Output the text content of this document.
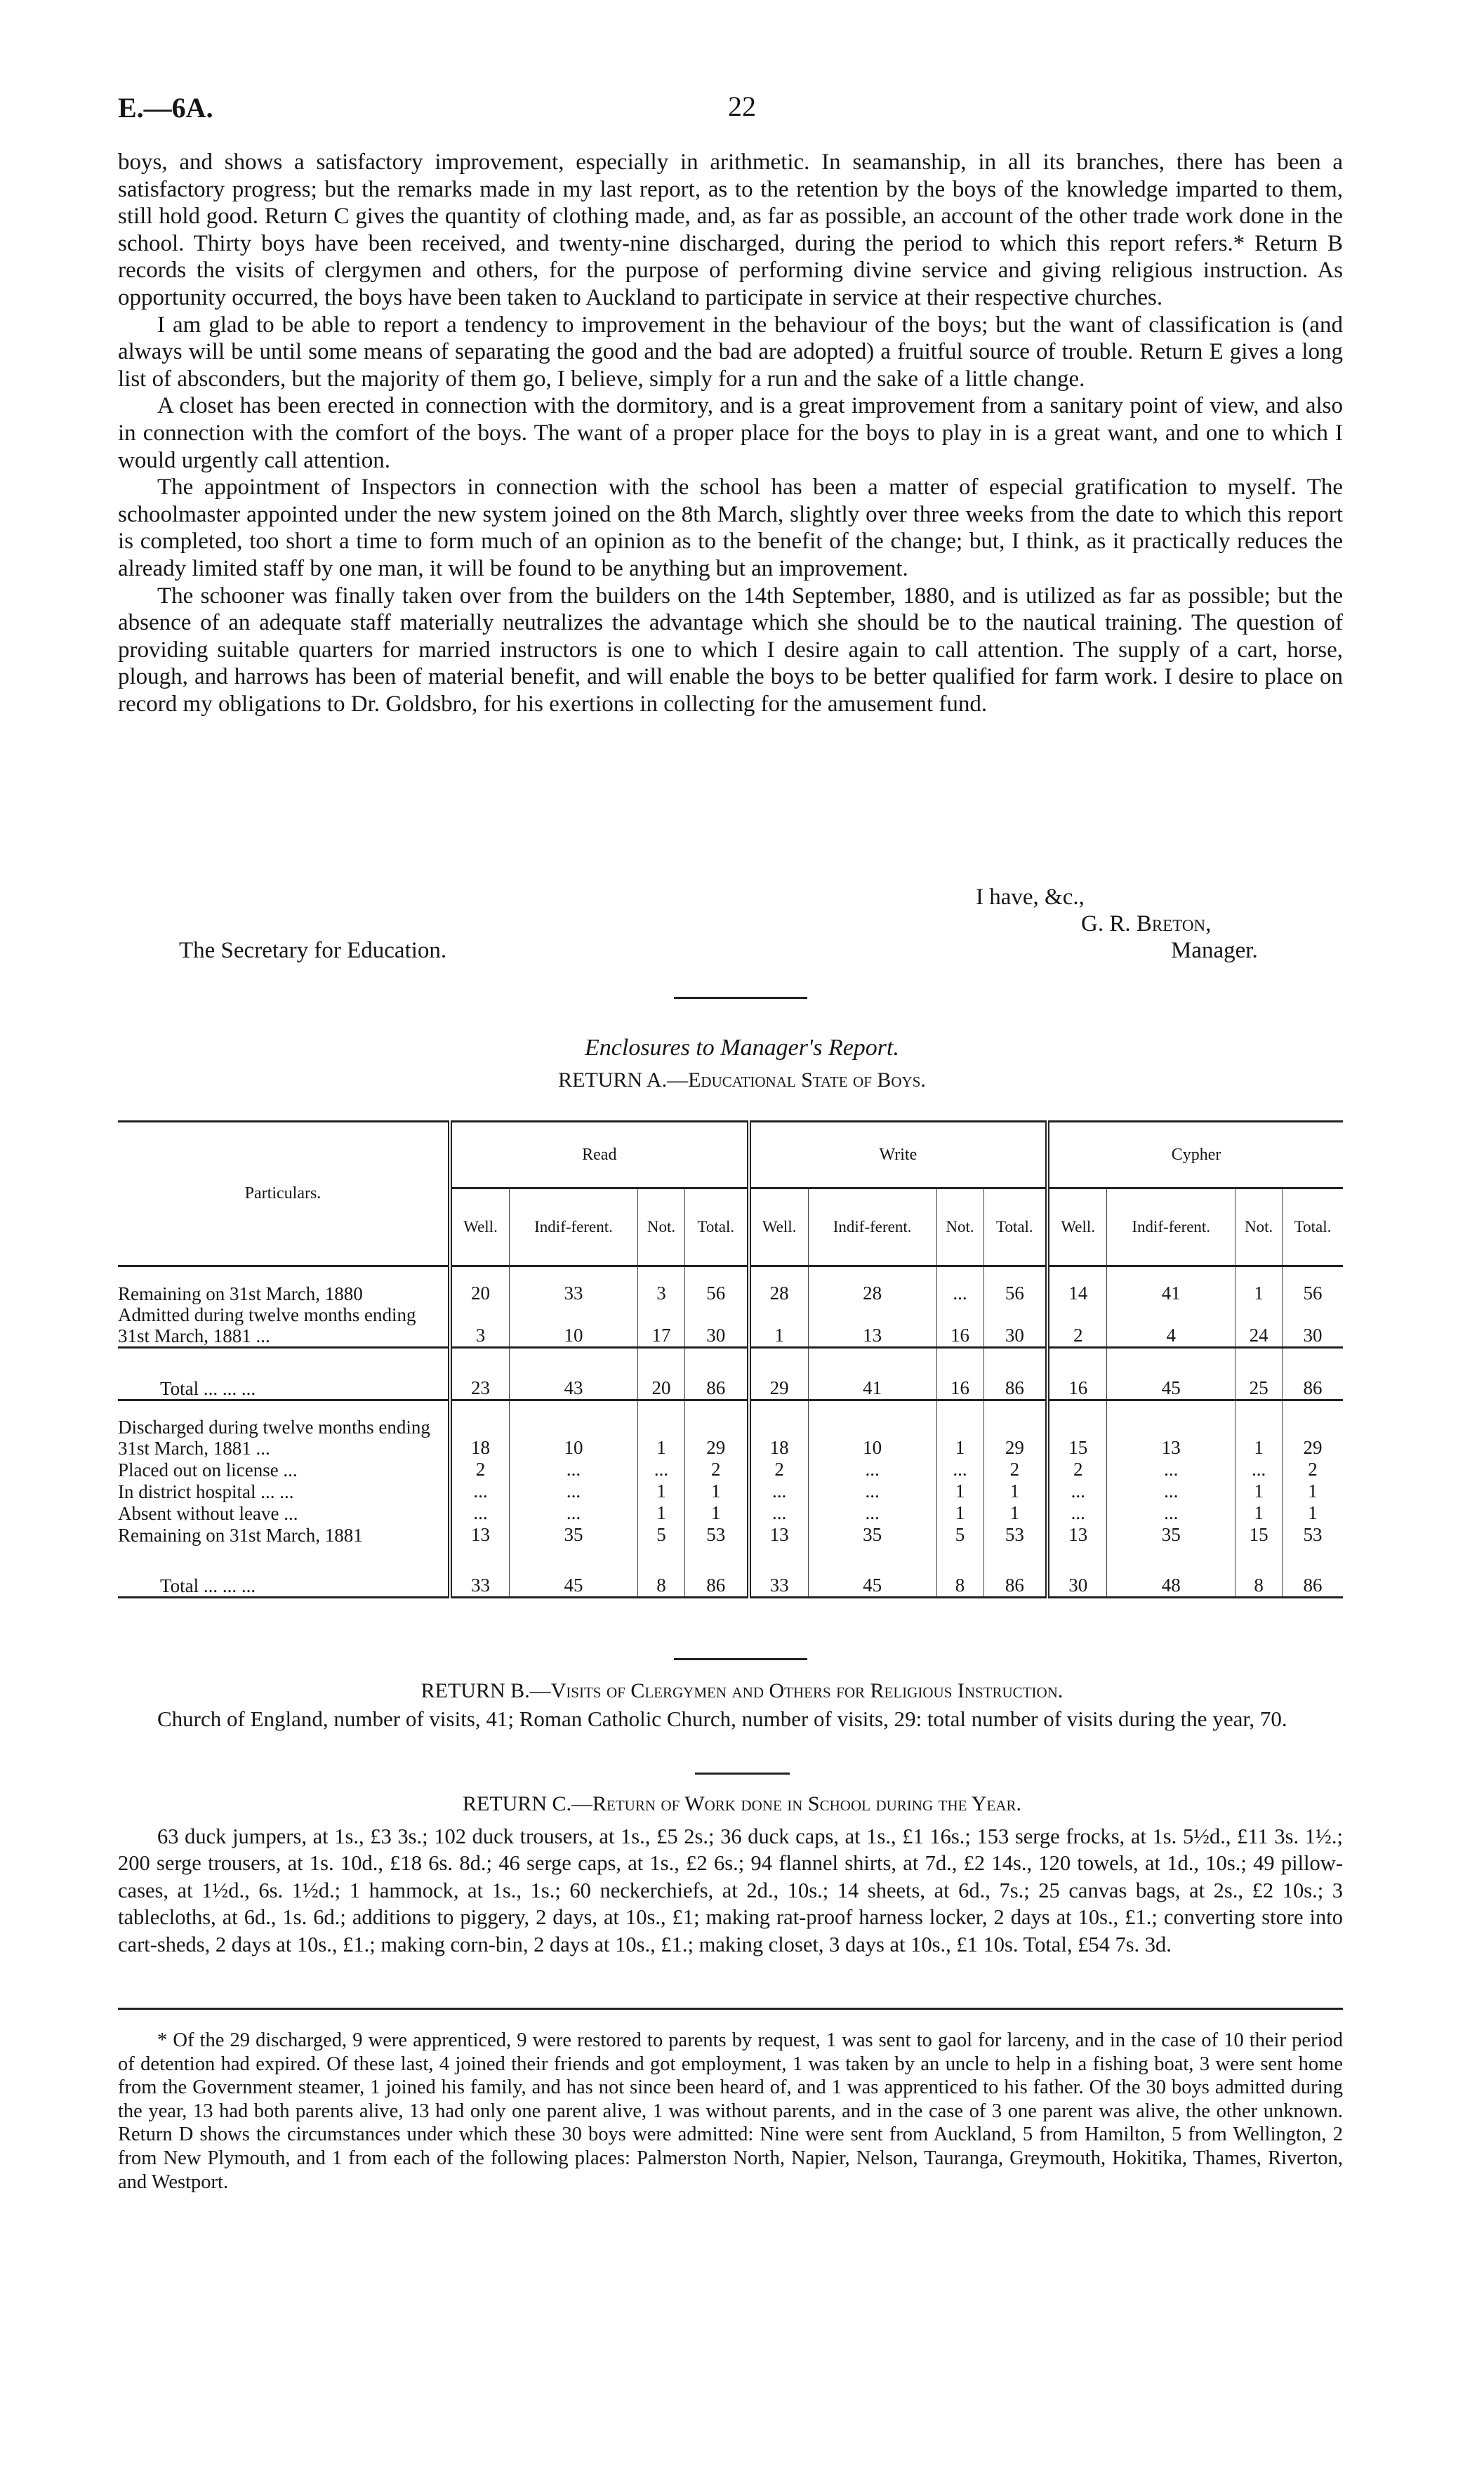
E.—6A.	22

boys, and shows a satisfactory improvement, especially in arithmetic. In seamanship, in all its branches, there has been a satisfactory progress; but the remarks made in my last report, as to the retention by the boys of the knowledge imparted to them, still hold good. Return C gives the quantity of clothing made, and, as far as possible, an account of the other trade work done in the school. Thirty boys have been received, and twenty-nine discharged, during the period to which this report refers.* Return B records the visits of clergymen and others, for the purpose of performing divine service and giving religious instruction. As opportunity occurred, the boys have been taken to Auckland to participate in service at their respective churches.

I am glad to be able to report a tendency to improvement in the behaviour of the boys; but the want of classification is (and always will be until some means of separating the good and the bad are adopted) a fruitful source of trouble. Return E gives a long list of absconders, but the majority of them go, I believe, simply for a run and the sake of a little change.

A closet has been erected in connection with the dormitory, and is a great improvement from a sanitary point of view, and also in connection with the comfort of the boys. The want of a proper place for the boys to play in is a great want, and one to which I would urgently call attention.

The appointment of Inspectors in connection with the school has been a matter of especial gratification to myself. The schoolmaster appointed under the new system joined on the 8th March, slightly over three weeks from the date to which this report is completed, too short a time to form much of an opinion as to the benefit of the change; but, I think, as it practically reduces the already limited staff by one man, it will be found to be anything but an improvement.

The schooner was finally taken over from the builders on the 14th September, 1880, and is utilized as far as possible; but the absence of an adequate staff materially neutralizes the advantage which she should be to the nautical training. The question of providing suitable quarters for married instructors is one to which I desire again to call attention. The supply of a cart, horse, plough, and harrows has been of material benefit, and will enable the boys to be better qualified for farm work. I desire to place on record my obligations to Dr. Goldsbro, for his exertions in collecting for the amusement fund.

I have, &c.,
G. R. Breton,
The Secretary for Education.	Manager.
Enclosures to Manager's Report.
RETURN A.—Educational State of Boys.
Particulars.	Read				Write				Cypher			
	Well.	Indif-ferent.	Not.	Total.	Well.	Indif-ferent.	Not.	Total.	Well.	Indif-ferent.	Not.	Total.
Remaining on 31st March, 1880	20	33	3	56	28	28	...	56	14	41	1	56
Admitted during twelve months ending 31st March, 1881 ...	3	10	17	30	1	13	16	30	2	4	24	30
Total ... ... ...	23	43	20	86	29	41	16	86	16	45	25	86
Discharged during twelve months ending 31st March, 1881 ...	18	10	1	29	18	10	1	29	15	13	1	29
Placed out on license ...	2	...	...	2	2	...	...	2	2	...	...	2
In district hospital ... ...	...	...	1	1	...	...	1	1	...	...	1	1
Absent without leave ...	...	...	1	1	...	...	1	1	...	...	1	1
Remaining on 31st March, 1881	13	35	5	53	13	35	5	53	13	35	15	53
Total ... ... ...	33	45	8	86	33	45	8	86	30	48	8	86
RETURN B.—Visits of Clergymen and Others for Religious Instruction.

Church of England, number of visits, 41; Roman Catholic Church, number of visits, 29: total number of visits during the year, 70.

RETURN C.—Return of Work done in School during the Year.

63 duck jumpers, at 1s., £3 3s.; 102 duck trousers, at 1s., £5 2s.; 36 duck caps, at 1s., £1 16s.; 153 serge frocks, at 1s. 5½d., £11 3s. 1½.; 200 serge trousers, at 1s. 10d., £18 6s. 8d.; 46 serge caps, at 1s., £2 6s.; 94 flannel shirts, at 7d., £2 14s., 120 towels, at 1d., 10s.; 49 pillow-cases, at 1½d., 6s. 1½d.; 1 hammock, at 1s., 1s.; 60 neckerchiefs, at 2d., 10s.; 14 sheets, at 6d., 7s.; 25 canvas bags, at 2s., £2 10s.; 3 tablecloths, at 6d., 1s. 6d.; additions to piggery, 2 days, at 10s., £1; making rat-proof harness locker, 2 days at 10s., £1.; converting store into cart-sheds, 2 days at 10s., £1.; making corn-bin, 2 days at 10s., £1.; making closet, 3 days at 10s., £1 10s. Total, £54 7s. 3d.

* Of the 29 discharged, 9 were apprenticed, 9 were restored to parents by request, 1 was sent to gaol for larceny, and in the case of 10 their period of detention had expired. Of these last, 4 joined their friends and got employment, 1 was taken by an uncle to help in a fishing boat, 3 were sent home from the Government steamer, 1 joined his family, and has not since been heard of, and 1 was apprenticed to his father. Of the 30 boys admitted during the year, 13 had both parents alive, 13 had only one parent alive, 1 was without parents, and in the case of 3 one parent was alive, the other unknown. Return D shows the circumstances under which these 30 boys were admitted: Nine were sent from Auckland, 5 from Hamilton, 5 from Wellington, 2 from New Plymouth, and 1 from each of the following places: Palmerston North, Napier, Nelson, Tauranga, Greymouth, Hokitika, Thames, Riverton, and Westport.
